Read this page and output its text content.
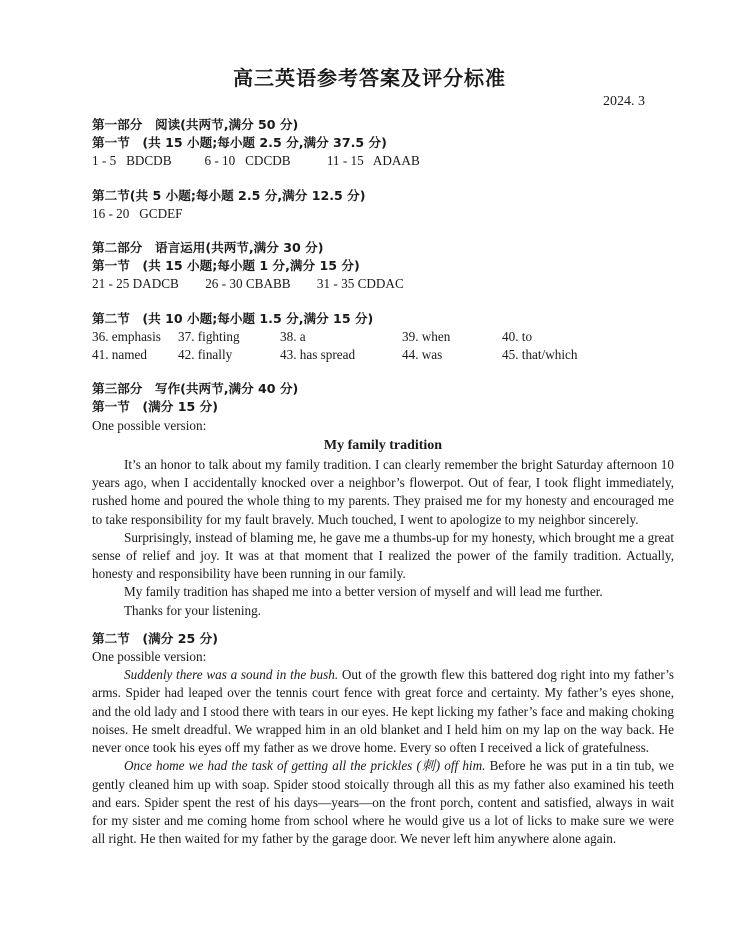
高三英语参考答案及评分标准
2024. 3
第一部分　阅读(共两节,满分 50 分)
第一节　(共 15 小题;每小题 2.5 分,满分 37.5 分)
1 - 5   BDCDB          6 - 10   CDCDB           11 - 15   ADAAB
第二节(共 5 小题;每小题 2.5 分,满分 12.5 分)
16 - 20   GCDEF
第二部分　语言运用(共两节,满分 30 分)
第一节　(共 15 小题;每小题 1 分,满分 15 分)
21 - 25 DADCB        26 - 30 CBABB        31 - 35 CDDAC
第二节　(共 10 小题;每小题 1.5 分,满分 15 分)
36. emphasis	37. fighting	38. a	39. when	40. to
41. named	42. finally	43. has spread	44. was	45. that/which
第三部分　写作(共两节,满分 40 分)
第一节　(满分 15 分)
One possible version:
My family tradition

It’s an honor to talk about my family tradition. I can clearly remember the bright Saturday afternoon 10 years ago, when I accidentally knocked over a neighbor’s flowerpot. Out of fear, I took flight immediately, rushed home and poured the whole thing to my parents. They praised me for my honesty and encouraged me to take responsibility for my fault bravely. Much touched, I went to apologize to my neighbor sincerely.

Surprisingly, instead of blaming me, he gave me a thumbs-up for my honesty, which brought me a great sense of relief and joy. It was at that moment that I realized the power of the family tradition. Actually, honesty and responsibility have been running in our family.

My family tradition has shaped me into a better version of myself and will lead me further.

Thanks for your listening.

第二节　(满分 25 分)
One possible version:

Suddenly there was a sound in the bush. Out of the growth flew this battered dog right into my father’s arms. Spider had leaped over the tennis court fence with great force and certainty. My father’s eyes shone, and the old lady and I stood there with tears in our eyes. He kept licking my father’s face and making choking noises. He smelt dreadful. We wrapped him in an old blanket and I held him on my lap on the way back. He never once took his eyes off my father as we drove home. Every so often I received a lick of gratefulness.

Once home we had the task of getting all the prickles (刺) off him. Before he was put in a tin tub, we gently cleaned him up with soap. Spider stood stoically through all this as my father also examined his teeth and ears. Spider spent the rest of his days—years—on the front porch, content and satisfied, always in wait for my sister and me coming home from school where he would give us a lot of licks to make sure we were all right. He then waited for my father by the garage door. We never left him anywhere alone again.
